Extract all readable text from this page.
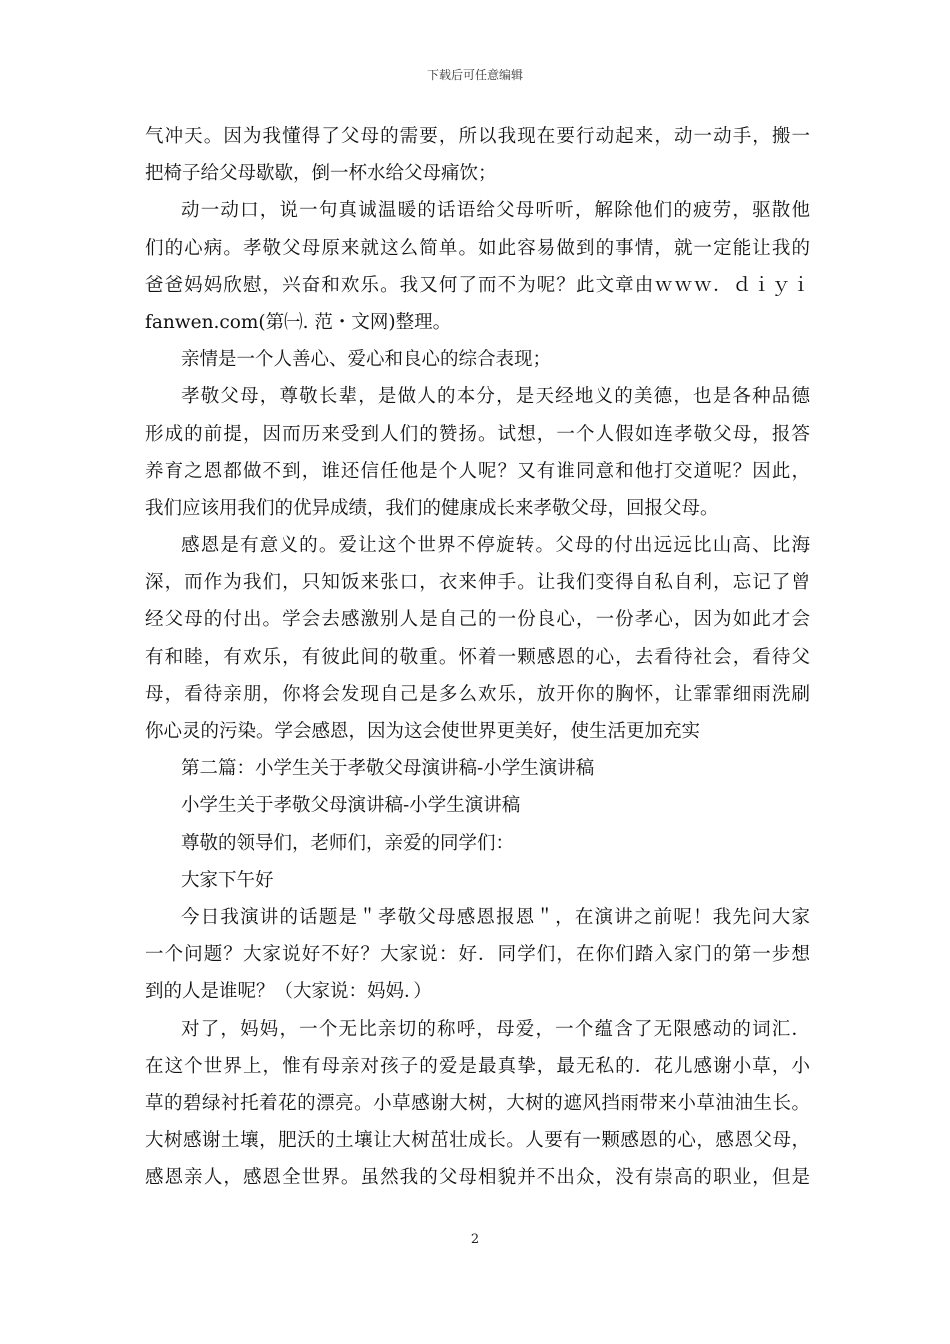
下载后可任意编辑
气冲天。因为我懂得了父母的需要，所以我现在要行动起来，动一动手，搬一
把椅子给父母歇歇，倒一杯水给父母痛饮；
动一动口，说一句真诚温暖的话语给父母听听，解除他们的疲劳，驱散他
们的心病。孝敬父母原来就这么简单。如此容易做到的事情，就一定能让我的
爸爸妈妈欣慰，兴奋和欢乐。我又何了而不为呢？此文章由ｗｗｗ．ｄｉｙｉ
fanwen.com(第㈠. 范・文网)整理。
亲情是一个人善心、爱心和良心的综合表现；
孝敬父母，尊敬长辈，是做人的本分，是天经地义的美德，也是各种品德
形成的前提，因而历来受到人们的赞扬。试想，一个人假如连孝敬父母，报答
养育之恩都做不到，谁还信任他是个人呢？又有谁同意和他打交道呢？因此，
我们应该用我们的优异成绩，我们的健康成长来孝敬父母，回报父母。
感恩是有意义的。爱让这个世界不停旋转。父母的付出远远比山高、比海
深，而作为我们，只知饭来张口，衣来伸手。让我们变得自私自利，忘记了曾
经父母的付出。学会去感激别人是自己的一份良心，一份孝心，因为如此才会
有和睦，有欢乐，有彼此间的敬重。怀着一颗感恩的心，去看待社会，看待父
母，看待亲朋，你将会发现自己是多么欢乐，放开你的胸怀，让霏霏细雨洗刷
你心灵的污染。学会感恩，因为这会使世界更美好，使生活更加充实
第二篇：小学生关于孝敬父母演讲稿-小学生演讲稿
小学生关于孝敬父母演讲稿-小学生演讲稿
尊敬的领导们，老师们，亲爱的同学们：
大家下午好
今日我演讲的话题是＂孝敬父母感恩报恩＂，在演讲之前呢！我先问大家
一个问题？大家说好不好？大家说：好．同学们，在你们踏入家门的第一步想
到的人是谁呢？（大家说：妈妈．）
对了，妈妈，一个无比亲切的称呼，母爱，一个蕴含了无限感动的词汇．
在这个世界上，惟有母亲对孩子的爱是最真挚，最无私的．花儿感谢小草，小
草的碧绿衬托着花的漂亮。小草感谢大树，大树的遮风挡雨带来小草油油生长。
大树感谢土壤，肥沃的土壤让大树茁壮成长。人要有一颗感恩的心，感恩父母，
感恩亲人，感恩全世界。虽然我的父母相貌并不出众，没有崇高的职业，但是
2
